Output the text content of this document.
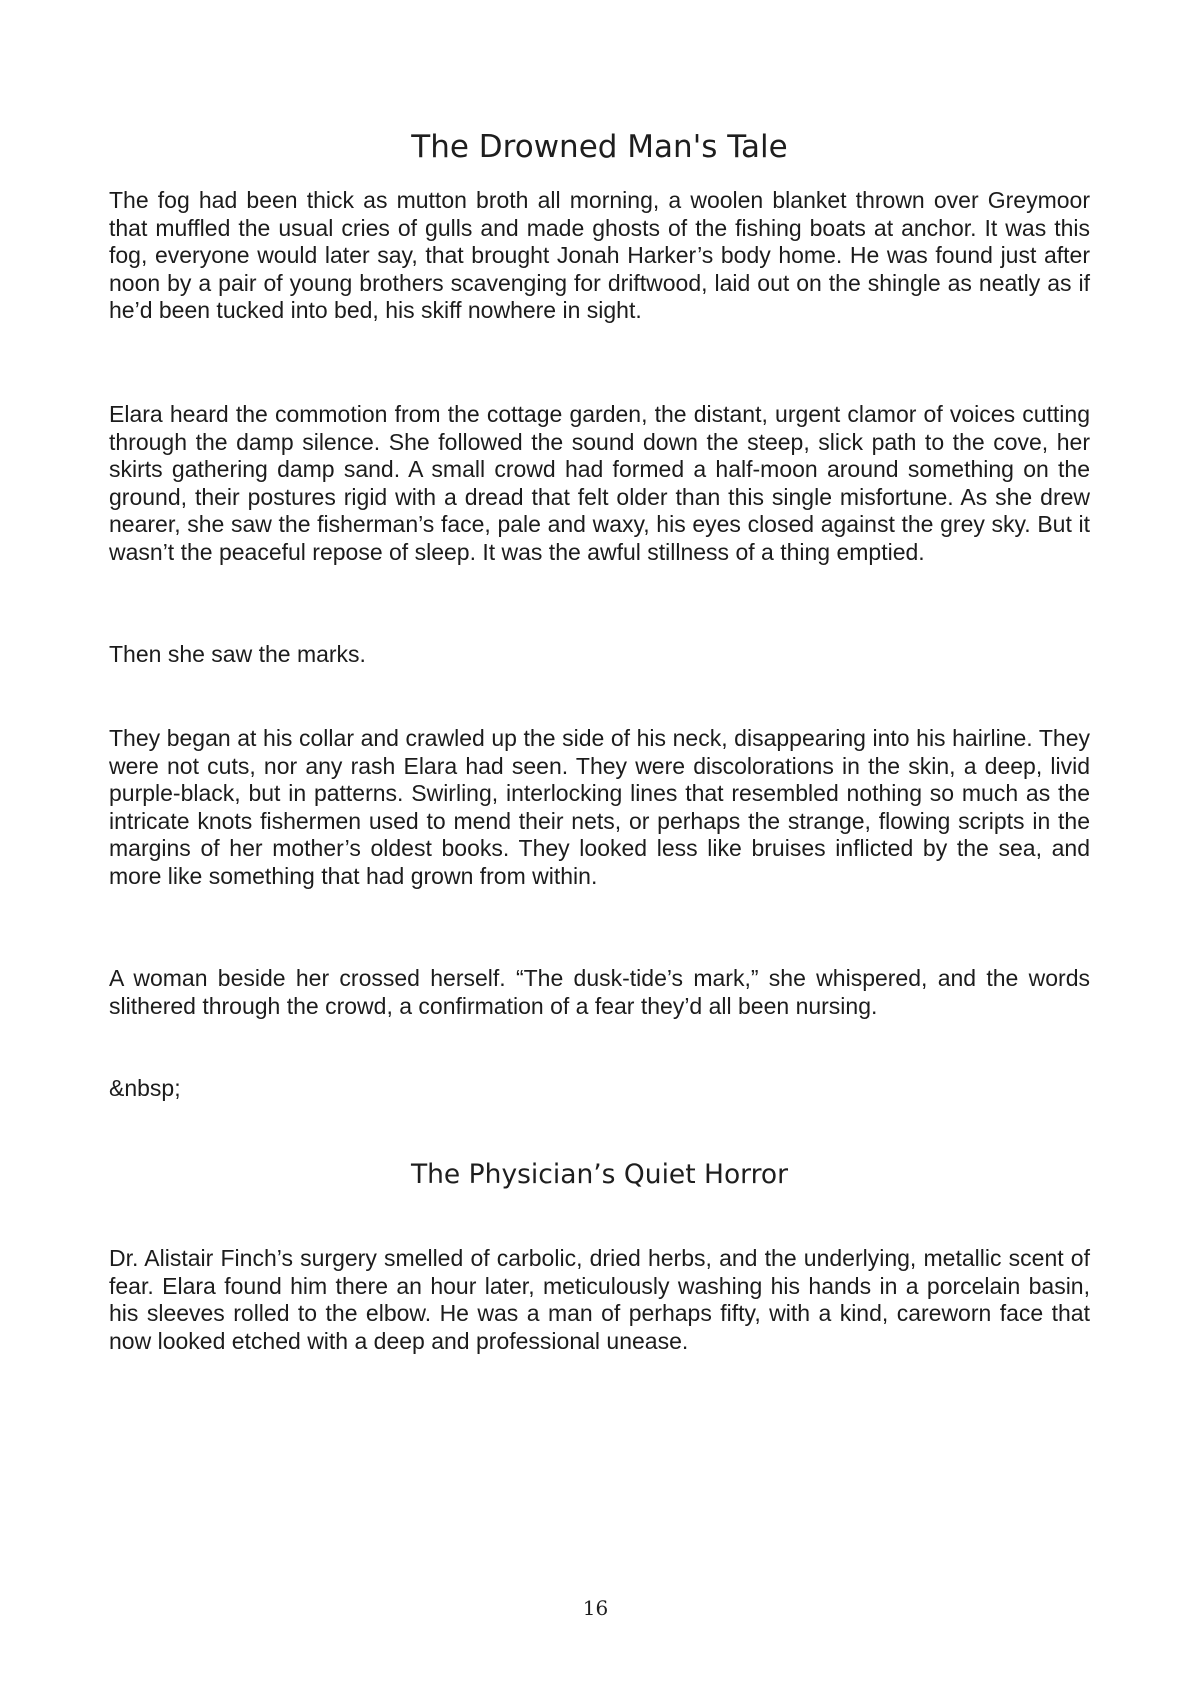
The Drowned Man's Tale

The fog had been thick as mutton broth all morning, a woolen blanket thrown over Greymoor that muffled the usual cries of gulls and made ghosts of the fishing boats at anchor. It was this fog, everyone would later say, that brought Jonah Harker’s body home. He was found just after noon by a pair of young brothers scavenging for driftwood, laid out on the shingle as neatly as if he’d been tucked into bed, his skiff nowhere in sight.

Elara heard the commotion from the cottage garden, the distant, urgent clamor of voices cutting through the damp silence. She followed the sound down the steep, slick path to the cove, her skirts gathering damp sand. A small crowd had formed a half-moon around something on the ground, their postures rigid with a dread that felt older than this single misfortune. As she drew nearer, she saw the fisherman’s face, pale and waxy, his eyes closed against the grey sky. But it wasn’t the peaceful repose of sleep. It was the awful stillness of a thing emptied.

Then she saw the marks.

They began at his collar and crawled up the side of his neck, disappearing into his hairline. They were not cuts, nor any rash Elara had seen. They were discolorations in the skin, a deep, livid purple-black, but in patterns. Swirling, interlocking lines that resembled nothing so much as the intricate knots fishermen used to mend their nets, or perhaps the strange, flowing scripts in the margins of her mother’s oldest books. They looked less like bruises inflicted by the sea, and more like something that had grown from within.

A woman beside her crossed herself. “The dusk-tide’s mark,” she whispered, and the words slithered through the crowd, a confirmation of a fear they’d all been nursing.

&nbsp;

The Physician’s Quiet Horror

Dr. Alistair Finch’s surgery smelled of carbolic, dried herbs, and the underlying, metallic scent of fear. Elara found him there an hour later, meticulously washing his hands in a porcelain basin, his sleeves rolled to the elbow. He was a man of perhaps fifty, with a kind, careworn face that now looked etched with a deep and professional unease.

16
